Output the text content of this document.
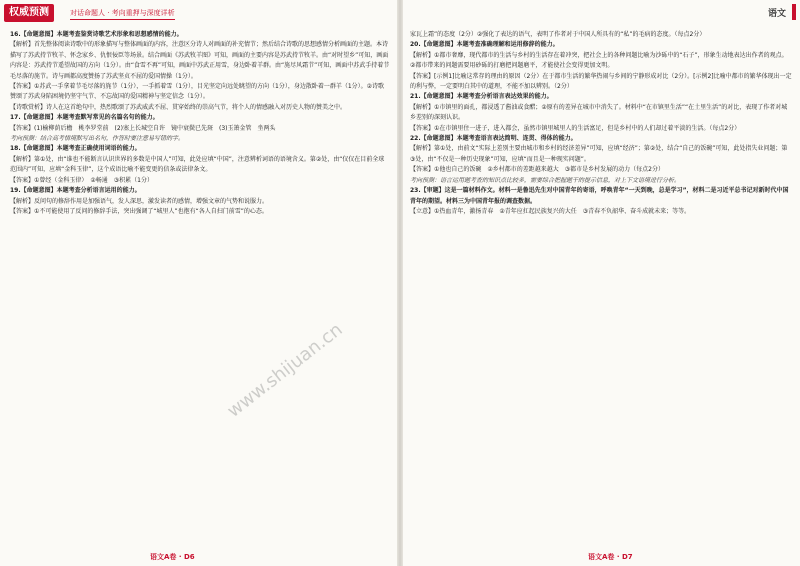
权威预测	对话命题人 · 考向重押与深度详析	语文

16.【命题意图】本题考查鉴赏诗歌艺术形象和思想感情的能力。

【解析】首先整体阅读诗歌中的形象描写与整体画面的内容，注意区分诗人对画面的补充情节；然后结合诗歌的思想感情分析画面的主题。本诗描写了苏武持节牧羊、怀念家乡、仇恨佞臣等场景。结合画面《苏武牧羊图》可知，画面的主要内容是苏武持节牧羊。由“对时望乡”可知，画面内容是：苏武持节遥望故国的方向（1分）。由“食雪不再”可知，画面中苏武正用雪，身边卧着羊群。由“旄尽风霜节”可知，画面中苏武手持着节毛尽落的旄节。诗与画都高度赞扬了苏武坚贞不屈的爱国情操（1分）。

【答案】①苏武一手拿着节毛尽落的旄节（1分），一手抓着雪（1分），目光坚定向远处眺望的方向（1分），身边散卧着一群羊（1分）。②诗歌赞颂了苏武身陷困境仍坚守气节、不忘故国的爱国精神与坚定信念（1分）。

【诗歌赏析】诗人在这首绝句中，热烈歌颂了苏武威武不屈、贯穿始终的崇高气节，将个人的情感融入对历史人物的赞美之中。

17.【命题意图】本题考查默写常见的名篇名句的能力。

【答案】(1)榆柳荫后檐　桃李罗堂前　(2)塞上长城空自许　镜中衰鬓已先斑　(3)玉箫金管　坐两头

考向预测：结合高考情境默写出名句，作答时要注意易写错的字。

18.【命题意图】本题考查正确使用词语的能力。

【解析】第①处，由“谁也不能断言认识世界的多数是中国人”可知，此处应填“中国”，注意辨析词语的语境含义。第②处，由“仅仅在目前全球范围内”可知，应填“金科玉律”，这个成语比喻不能变更的信条或法律条文。

【答案】①曾经（金科玉律）　②畅通　③积累（1分）

19.【命题意图】本题考查分析语言运用的能力。

【解析】反问句的修辞作用是加强语气，发人深思，激发读者的感情，增强文章的气势和说服力。

【答案】①不可能使用了反问的修辞手法，突出强调了“城里人”也抱有“各人自扫门前雪”的心态。

语文A卷 · D6

家瓦上霜”的态度（2分）②强化了表达的语气，表明了作者对于中国人所具有的“私”的毛病的态度。（每点2分）

20.【命题意图】本题考查准确理解和运用修辞的能力。

【解析】①都市奢靡，现代都市的生活与乡村的生活存在着冲突，把社会上的各种问题比喻为沙砾中的“石子”，形象生动地表达出作者的观点。②都市带来的问题需要用砂砾的打磨把问题磨平，才能使社会变得更加文明。

【答案】[示例1]比喻这常存的理由的原因（2分）在于都市生活的繁华热闹与乡间的宁静形成对比（2分）。[示例2]比喻中都市的繁华体现出一定的利与弊，一定要明白其中的道理，不能不加以辨别。（2分）

21.【命题意图】本题考查分析语言表达效果的能力。

【解析】①市镇里的面孔，都浸透了酱油或食醋；②原有的差异在城市中消失了。材料中“在市镇里生活”“在土里生活”的对比，表现了作者对城乡差别的深刻认识。

【答案】①在市镇里住一进子，进入都会，虽然市镇里城里人的生活富足，但是乡村中的人们却过着平淡的生活。（每点2分）

22.【命题意图】本题考查语言表达简明、连贯、得体的能力。

【解析】第①处，由前文“实际上差别主要由城市和乡村的经济差异”可知，应填“经济”；第②处，结合“自己的饭碗”可知，此处指失业问题；第③处，由“不仅是一种历史现象”可知，应填“而且是一种现实问题”。

【答案】①他也自己的饭碗　②乡村都市的差距越来越大　③都市是乡村发展的动力（每点2分）

考向预测：语言运用题考查的知识点比较多，需要综合把握题干的提示信息，对上下文语境进行分析。

23.【审题】这是一篇材料作文。材料一是鲁迅先生对中国青年的寄语，呼唤青年“一天到晚，总是学习”，材料二是习近平总书记对新时代中国青年的期望。材料三为中国青年报的调查数据。

【立意】①热血青年，激扬青春　②青年应扛起民族复兴的大任　③青春不负韶华、奋斗成就未来；等等。

语文A卷 · D7
www.shijuan.cn
